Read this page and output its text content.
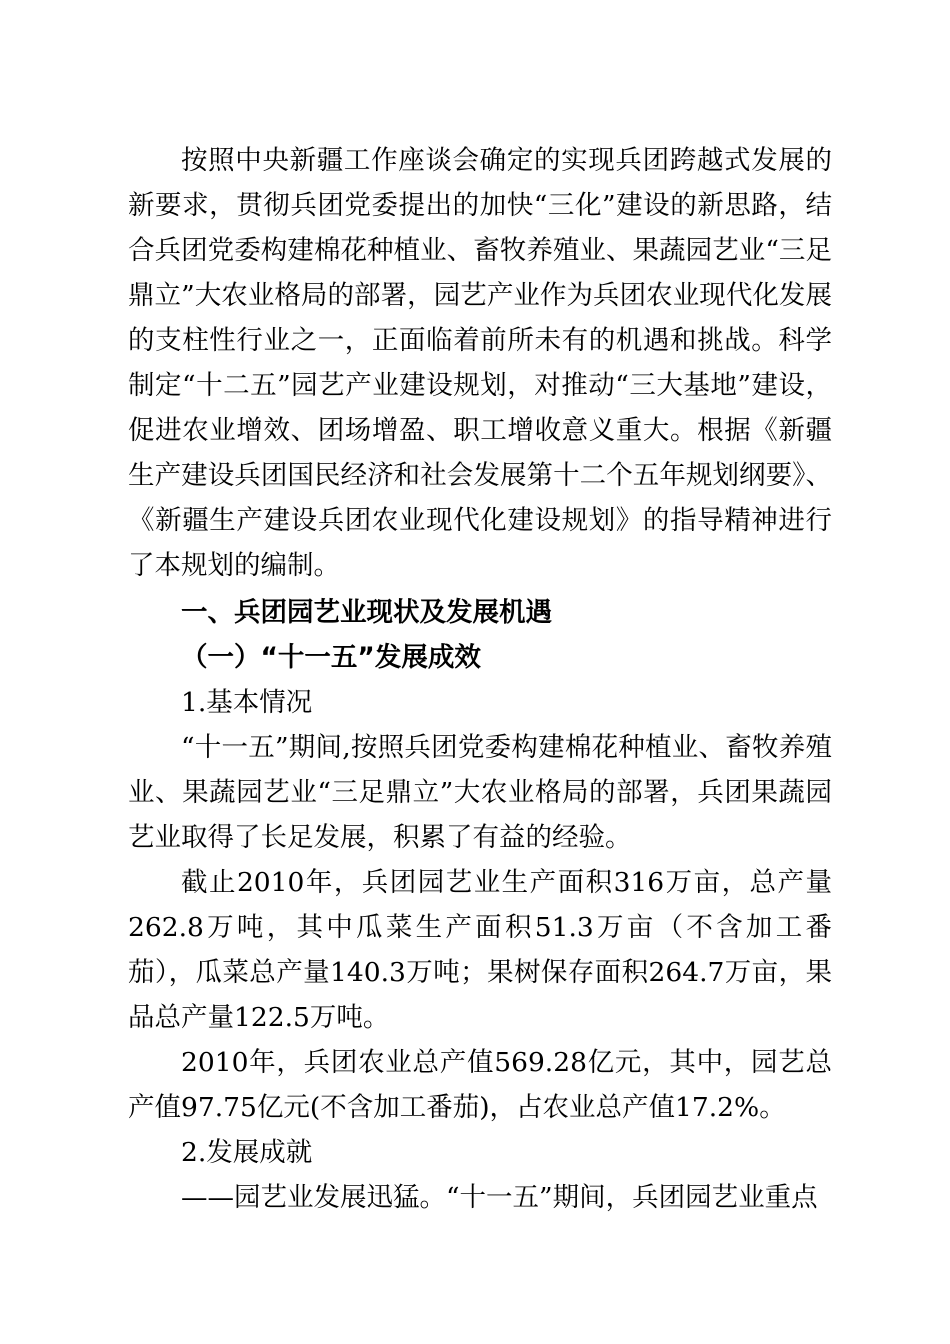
按照中央新疆工作座谈会确定的实现兵团跨越式发展的新要求，贯彻兵团党委提出的加快“三化”建设的新思路，结合兵团党委构建棉花种植业、畜牧养殖业、果蔬园艺业“三足鼎立”大农业格局的部署，园艺产业作为兵团农业现代化发展的支柱性行业之一，正面临着前所未有的机遇和挑战。科学制定“十二五”园艺产业建设规划，对推动“三大基地”建设，促进农业增效、团场增盈、职工增收意义重大。根据《新疆生产建设兵团国民经济和社会发展第十二个五年规划纲要》、《新疆生产建设兵团农业现代化建设规划》的指导精神进行了本规划的编制。

一、兵团园艺业现状及发展机遇

（一）“十一五”发展成效

1.基本情况

“十一五”期间,按照兵团党委构建棉花种植业、畜牧养殖业、果蔬园艺业“三足鼎立”大农业格局的部署，兵团果蔬园艺业取得了长足发展，积累了有益的经验。

截止2010年，兵团园艺业生产面积316万亩，总产量262.8万吨，其中瓜菜生产面积51.3万亩（不含加工番茄），瓜菜总产量140.3万吨；果树保存面积264.7万亩，果品总产量122.5万吨。

2010年，兵团农业总产值569.28亿元，其中，园艺总产值97.75亿元(不含加工番茄)，占农业总产值17.2%。

2.发展成就

——园艺业发展迅猛。“十一五”期间，兵团园艺业重点
